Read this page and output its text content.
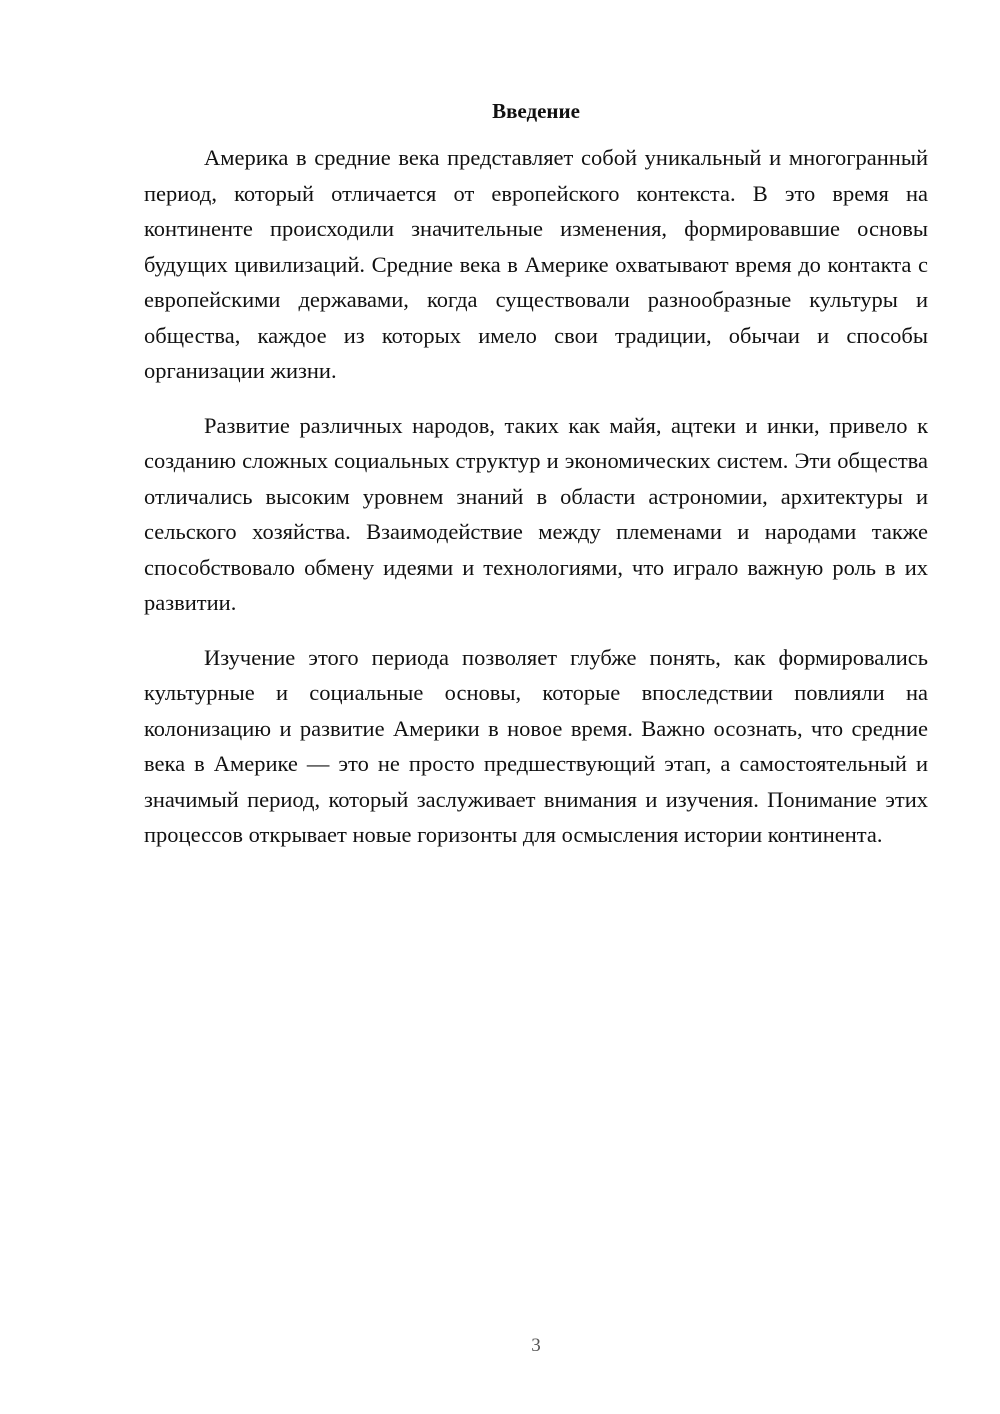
Введение

Америка в средние века представляет собой уникальный и многогранный период, который отличается от европейского контекста. В это время на континенте происходили значительные изменения, формировавшие основы будущих цивилизаций. Средние века в Америке охватывают время до контакта с европейскими державами, когда существовали разнообразные культуры и общества, каждое из которых имело свои традиции, обычаи и способы организации жизни.

Развитие различных народов, таких как майя, ацтеки и инки, привело к созданию сложных социальных структур и экономических систем. Эти общества отличались высоким уровнем знаний в области астрономии, архитектуры и сельского хозяйства. Взаимодействие между племенами и народами также способствовало обмену идеями и технологиями, что играло важную роль в их развитии.

Изучение этого периода позволяет глубже понять, как формировались культурные и социальные основы, которые впоследствии повлияли на колонизацию и развитие Америки в новое время. Важно осознать, что средние века в Америке — это не просто предшествующий этап, а самостоятельный и значимый период, который заслуживает внимания и изучения. Понимание этих процессов открывает новые горизонты для осмысления истории континента.

3
